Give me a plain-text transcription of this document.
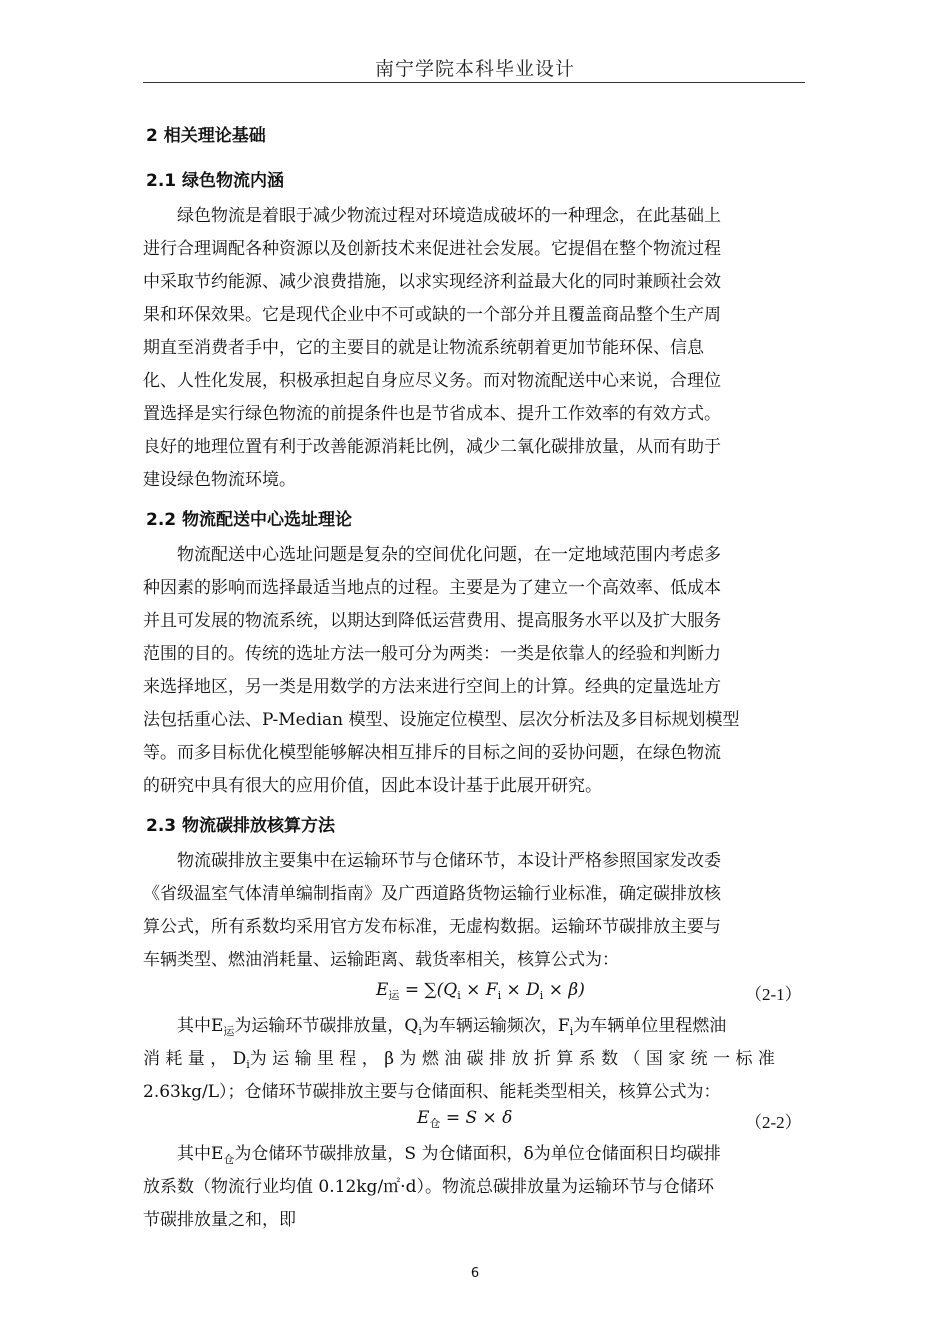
南宁学院本科毕业设计
2 相关理论基础
2.1 绿色物流内涵
绿色物流是着眼于减少物流过程对环境造成破坏的一种理念，在此基础上
进行合理调配各种资源以及创新技术来促进社会发展。它提倡在整个物流过程
中采取节约能源、减少浪费措施，以求实现经济利益最大化的同时兼顾社会效
果和环保效果。它是现代企业中不可或缺的一个部分并且覆盖商品整个生产周
期直至消费者手中，它的主要目的就是让物流系统朝着更加节能环保、信息
化、人性化发展，积极承担起自身应尽义务。而对物流配送中心来说，合理位
置选择是实行绿色物流的前提条件也是节省成本、提升工作效率的有效方式。
良好的地理位置有利于改善能源消耗比例，减少二氧化碳排放量，从而有助于
建设绿色物流环境。
2.2 物流配送中心选址理论
物流配送中心选址问题是复杂的空间优化问题，在一定地域范围内考虑多
种因素的影响而选择最适当地点的过程。主要是为了建立一个高效率、低成本
并且可发展的物流系统，以期达到降低运营费用、提高服务水平以及扩大服务
范围的目的。传统的选址方法一般可分为两类：一类是依靠人的经验和判断力
来选择地区，另一类是用数学的方法来进行空间上的计算。经典的定量选址方
法包括重心法、P-Median 模型、设施定位模型、层次分析法及多目标规划模型
等。而多目标优化模型能够解决相互排斥的目标之间的妥协问题，在绿色物流
的研究中具有很大的应用价值，因此本设计基于此展开研究。
2.3 物流碳排放核算方法
物流碳排放主要集中在运输环节与仓储环节，本设计严格参照国家发改委
《省级温室气体清单编制指南》及广西道路货物运输行业标准，确定碳排放核
算公式，所有系数均采用官方发布标准，无虚构数据。运输环节碳排放主要与
车辆类型、燃油消耗量、运输距离、载货率相关，核算公式为：
$E_运 = \sum(Q_i \times F_i \times D_i \times \beta)$	（2-1）
其中$E_运$为运输环节碳排放量，$Q_i$为车辆运输频次，$F_i$为车辆单位里程燃油
消 耗 量 ， $D_i$为 运 输 里 程 ， β 为 燃 油 碳 排 放 折 算 系 数 （ 国 家 统 一 标 准
2.63kg/L）；仓储环节碳排放主要与仓储面积、能耗类型相关，核算公式为：
$E_仓 = S \times \delta$	（2-2）
其中$E_仓$为仓储环节碳排放量，S 为仓储面积，δ为单位仓储面积日均碳排
放系数（物流行业均值 0.12kg/㎡·d）。物流总碳排放量为运输环节与仓储环
节碳排放量之和，即
6
